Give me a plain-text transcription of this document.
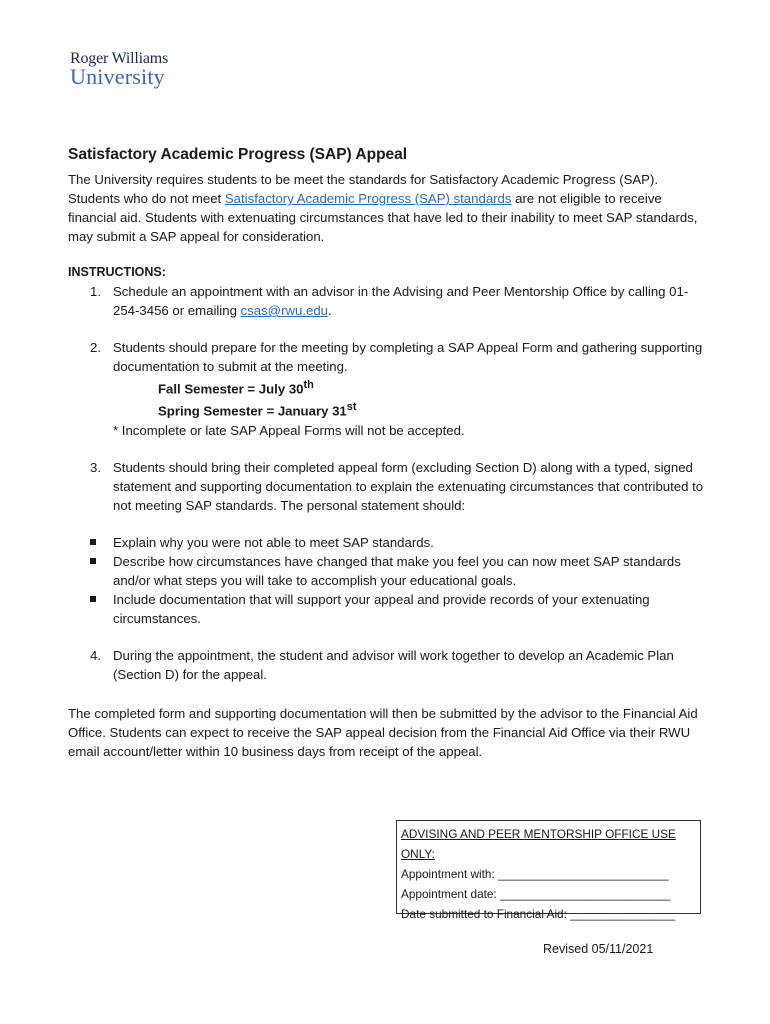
Roger Williams
University
Satisfactory Academic Progress (SAP) Appeal

The University requires students to be meet the standards for Satisfactory Academic Progress (SAP). Students who do not meet Satisfactory Academic Progress (SAP) standards are not eligible to receive financial aid. Students with extenuating circumstances that have led to their inability to meet SAP standards, may submit a SAP appeal for consideration.

INSTRUCTIONS:
1. Schedule an appointment with an advisor in the Advising and Peer Mentorship Office by calling 01-254-3456 or emailing csas@rwu.edu.
2. Students should prepare for the meeting by completing a SAP Appeal Form and gathering supporting documentation to submit at the meeting.
Fall Semester = July 30th
Spring Semester = January 31st
* Incomplete or late SAP Appeal Forms will not be accepted.
3. Students should bring their completed appeal form (excluding Section D) along with a typed, signed statement and supporting documentation to explain the extenuating circumstances that contributed to not meeting SAP standards. The personal statement should:
Explain why you were not able to meet SAP standards.
Describe how circumstances have changed that make you feel you can now meet SAP standards and/or what steps you will take to accomplish your educational goals.
Include documentation that will support your appeal and provide records of your extenuating circumstances.
4. During the appointment, the student and advisor will work together to develop an Academic Plan (Section D) for the appeal.

The completed form and supporting documentation will then be submitted by the advisor to the Financial Aid Office. Students can expect to receive the SAP appeal decision from the Financial Aid Office via their RWU email account/letter within 10 business days from receipt of the appeal.

ADVISING AND PEER MENTORSHIP OFFICE USE ONLY:
Appointment with: __________________________
Appointment date: __________________________
Date submitted to Financial Aid: ________________
Revised 05/11/2021
